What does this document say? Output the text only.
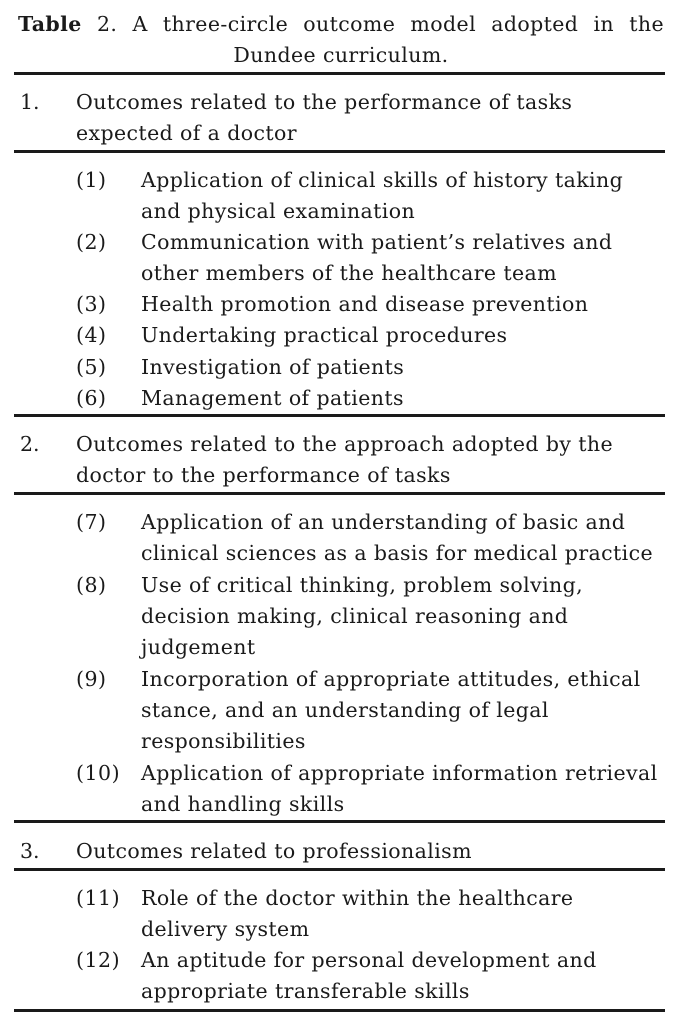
Table 2. A three-circle outcome model adopted in the Dundee curriculum.
1. Outcomes related to the performance of tasks
expected of a doctor
(1) Application of clinical skills of history taking
and physical examination
(2) Communication with patient’s relatives and
other members of the healthcare team
(3) Health promotion and disease prevention
(4) Undertaking practical procedures
(5) Investigation of patients
(6) Management of patients
2. Outcomes related to the approach adopted by the
doctor to the performance of tasks
(7) Application of an understanding of basic and
clinical sciences as a basis for medical practice
(8) Use of critical thinking, problem solving,
decision making, clinical reasoning and
judgement
(9) Incorporation of appropriate attitudes, ethical
stance, and an understanding of legal
responsibilities
(10) Application of appropriate information retrieval
and handling skills
3. Outcomes related to professionalism
(11) Role of the doctor within the healthcare
delivery system
(12) An aptitude for personal development and
appropriate transferable skills
